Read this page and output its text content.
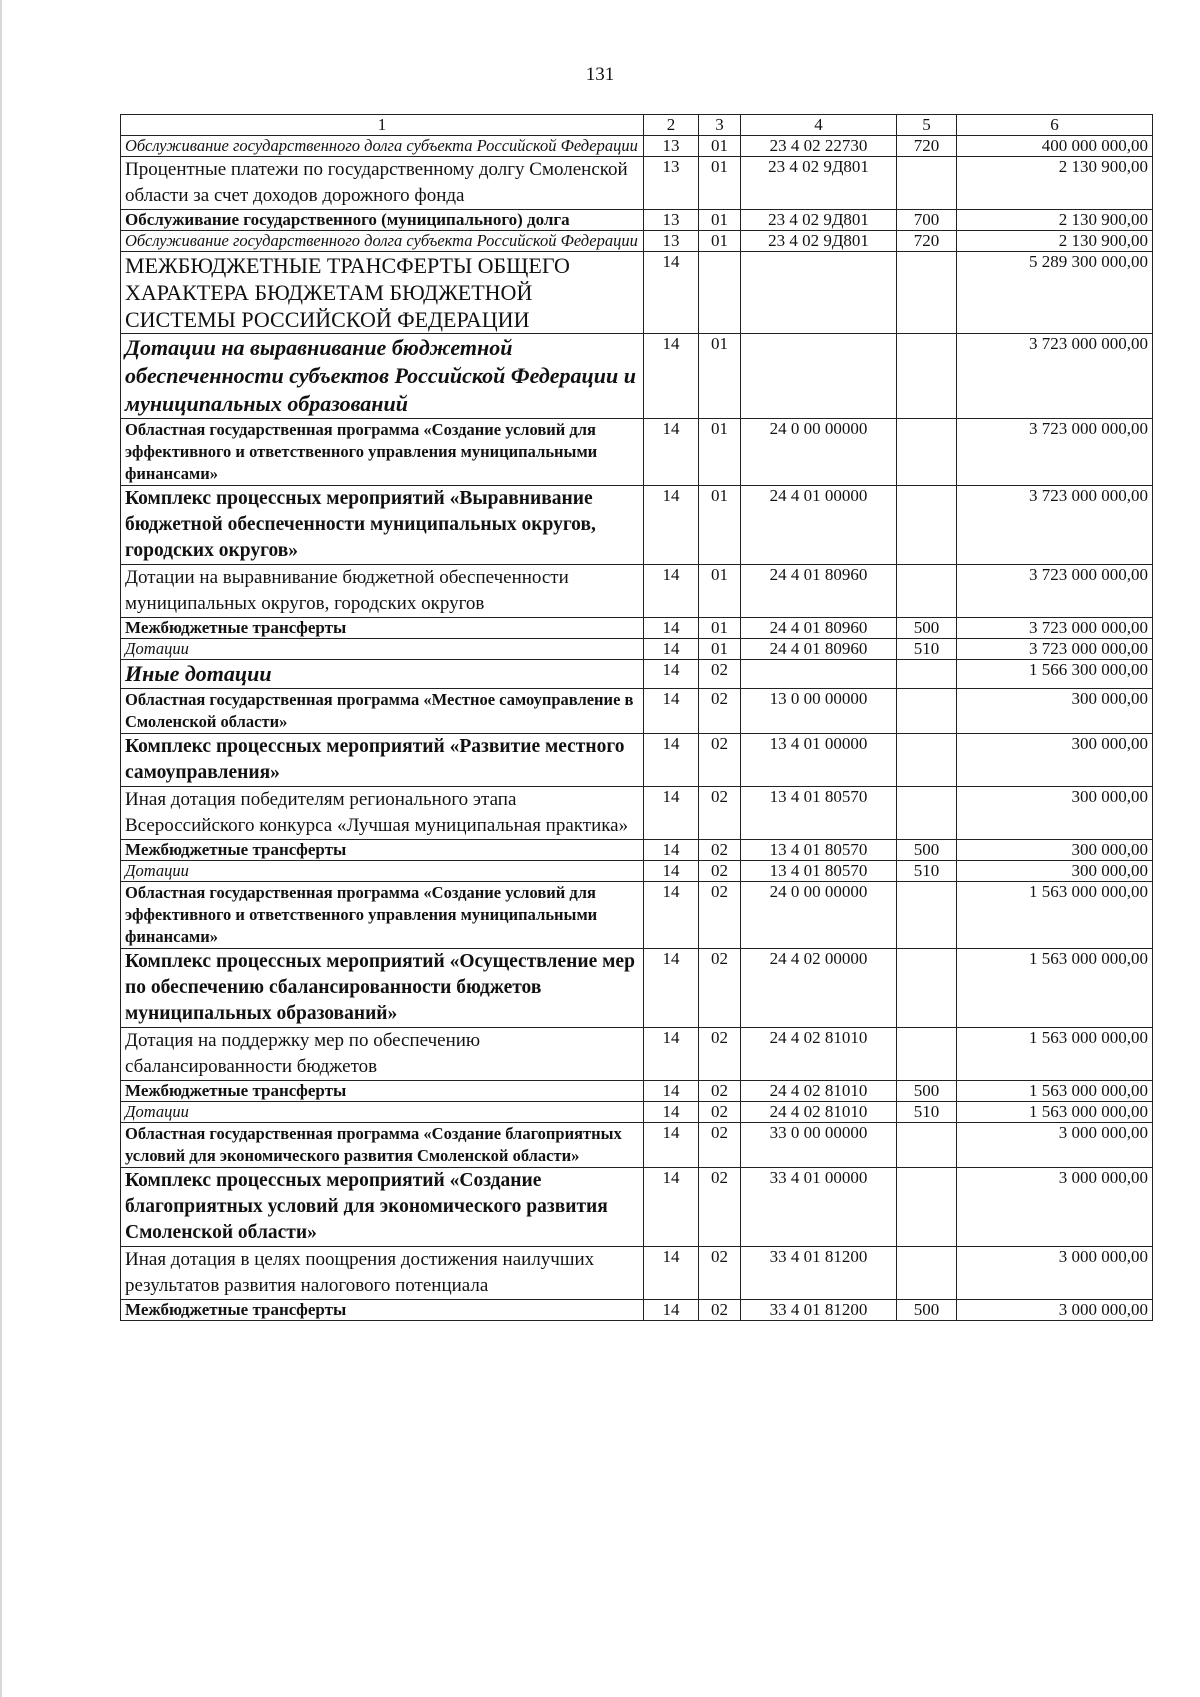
131
1	2	3	4	5	6
Обслуживание государственного долга субъекта Российской Федерации	13	01	23 4 02 22730	720	400 000 000,00
Процентные платежи по государственному долгу Смоленской области за счет доходов дорожного фонда	13	01	23 4 02 9Д801		2 130 900,00
Обслуживание государственного (муниципального) долга	13	01	23 4 02 9Д801	700	2 130 900,00
Обслуживание государственного долга субъекта Российской Федерации	13	01	23 4 02 9Д801	720	2 130 900,00
МЕЖБЮДЖЕТНЫЕ ТРАНСФЕРТЫ ОБЩЕГО ХАРАКТЕРА БЮДЖЕТАМ БЮДЖЕТНОЙ СИСТЕМЫ РОССИЙСКОЙ ФЕДЕРАЦИИ	14				5 289 300 000,00
Дотации на выравнивание бюджетной обеспеченности субъектов Российской Федерации и муниципальных образований	14	01			3 723 000 000,00
Областная государственная программа «Создание условий для эффективного и ответственного управления муниципальными финансами»	14	01	24 0 00 00000		3 723 000 000,00
Комплекс процессных мероприятий «Выравнивание бюджетной обеспеченности муниципальных округов, городских округов»	14	01	24 4 01 00000		3 723 000 000,00
Дотации на выравнивание бюджетной обеспеченности муниципальных округов, городских округов	14	01	24 4 01 80960		3 723 000 000,00
Межбюджетные трансферты	14	01	24 4 01 80960	500	3 723 000 000,00
Дотации	14	01	24 4 01 80960	510	3 723 000 000,00
Иные дотации	14	02			1 566 300 000,00
Областная государственная программа «Местное самоуправление в Смоленской области»	14	02	13 0 00 00000		300 000,00
Комплекс процессных мероприятий «Развитие местного самоуправления»	14	02	13 4 01 00000		300 000,00
Иная дотация победителям регионального этапа Всероссийского конкурса «Лучшая муниципальная практика»	14	02	13 4 01 80570		300 000,00
Межбюджетные трансферты	14	02	13 4 01 80570	500	300 000,00
Дотации	14	02	13 4 01 80570	510	300 000,00
Областная государственная программа «Создание условий для эффективного и ответственного управления муниципальными финансами»	14	02	24 0 00 00000		1 563 000 000,00
Комплекс процессных мероприятий «Осуществление мер по обеспечению сбалансированности бюджетов муниципальных образований»	14	02	24 4 02 00000		1 563 000 000,00
Дотация на поддержку мер по обеспечению сбалансированности бюджетов	14	02	24 4 02 81010		1 563 000 000,00
Межбюджетные трансферты	14	02	24 4 02 81010	500	1 563 000 000,00
Дотации	14	02	24 4 02 81010	510	1 563 000 000,00
Областная государственная программа «Создание благоприятных условий для экономического развития Смоленской области»	14	02	33 0 00 00000		3 000 000,00
Комплекс процессных мероприятий «Создание благоприятных условий для экономического развития Смоленской области»	14	02	33 4 01 00000		3 000 000,00
Иная дотация в целях поощрения достижения наилучших результатов развития налогового потенциала	14	02	33 4 01 81200		3 000 000,00
Межбюджетные трансферты	14	02	33 4 01 81200	500	3 000 000,00
